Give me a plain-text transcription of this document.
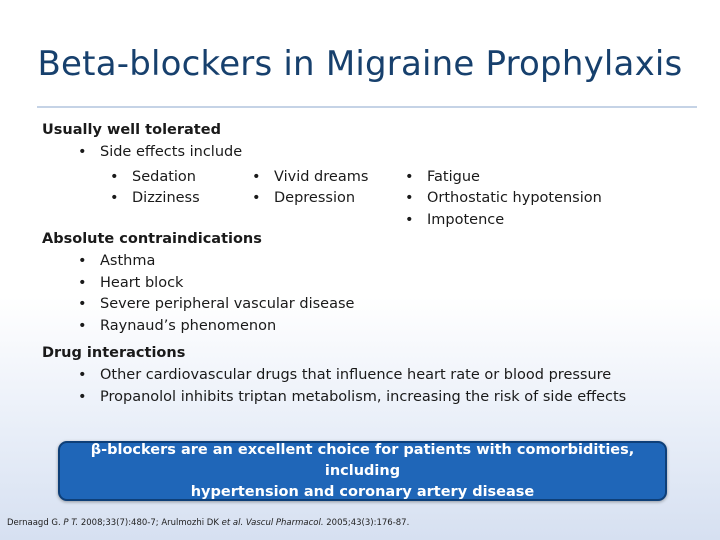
Beta-blockers in Migraine Prophylaxis
Usually well tolerated
• Side effects include
• Sedation
• Dizziness
• Vivid dreams
• Depression
• Fatigue
• Orthostatic hypotension
• Impotence
Absolute contraindications
• Asthma
• Heart block
• Severe peripheral vascular disease
• Raynaud’s phenomenon
Drug interactions
• Other cardiovascular drugs that influence heart rate or blood pressure
• Propanolol inhibits triptan metabolism, increasing the risk of side effects
β-blockers are an excellent choice for patients with comorbidities, including
hypertension and coronary artery disease
Dernaagd G. P T. 2008;33(7):480-7; Arulmozhi DK et al. Vascul Pharmacol. 2005;43(3):176-87.
